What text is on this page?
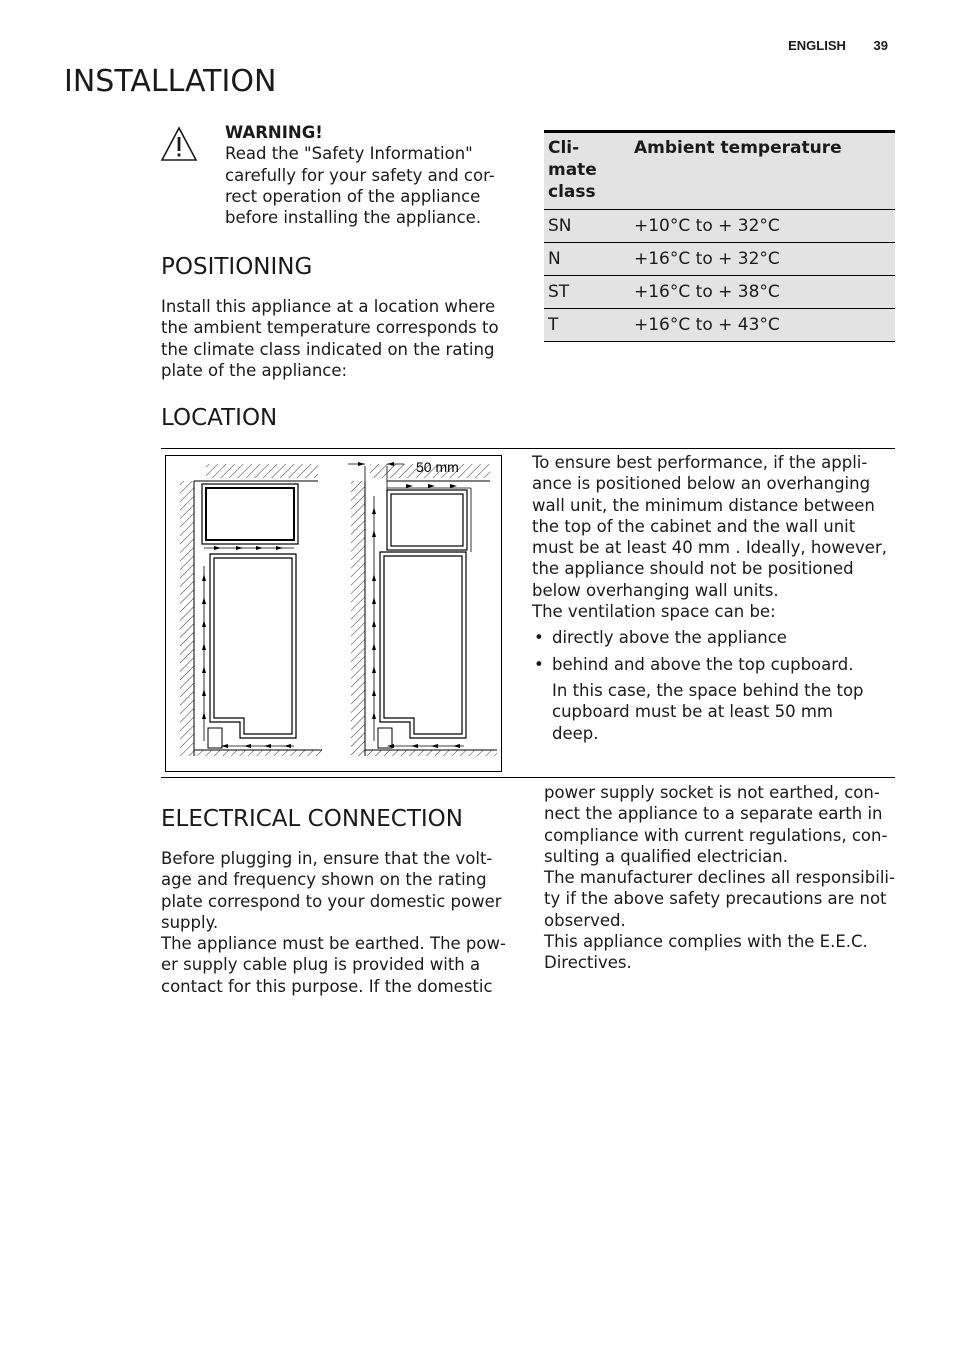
ENGLISH 39
INSTALLATION
WARNING!
Read the "Safety Information"
carefully for your safety and cor-
rect operation of the appliance
before installing the appliance.
POSITIONING
Install this appliance at a location where
the ambient temperature corresponds to
the climate class indicated on the rating
plate of the appliance:
Cli-
mate
class	Ambient temperature
SN	+10°C to + 32°C
N	+16°C to + 32°C
ST	+16°C to + 38°C
T	+16°C to + 43°C
LOCATION
50 mm	To ensure best performance, if the appli-

ance is positioned below an overhanging

wall unit, the minimum distance between

the top of the cabinet and the wall unit

must be at least 40 mm . Ideally, however,

the appliance should not be positioned

below overhanging wall units.

The ventilation space can be:

• directly above the appliance
• behind and above the top cupboard.
In this case, the space behind the top
cupboard must be at least 50 mm
deep.
ELECTRICAL CONNECTION
Before plugging in, ensure that the volt-
age and frequency shown on the rating
plate correspond to your domestic power
supply.
The appliance must be earthed. The pow-
er supply cable plug is provided with a
contact for this purpose. If the domestic
power supply socket is not earthed, con-
nect the appliance to a separate earth in
compliance with current regulations, con-
sulting a qualified electrician.
The manufacturer declines all responsibili-
ty if the above safety precautions are not
observed.
This appliance complies with the E.E.C.
Directives.
